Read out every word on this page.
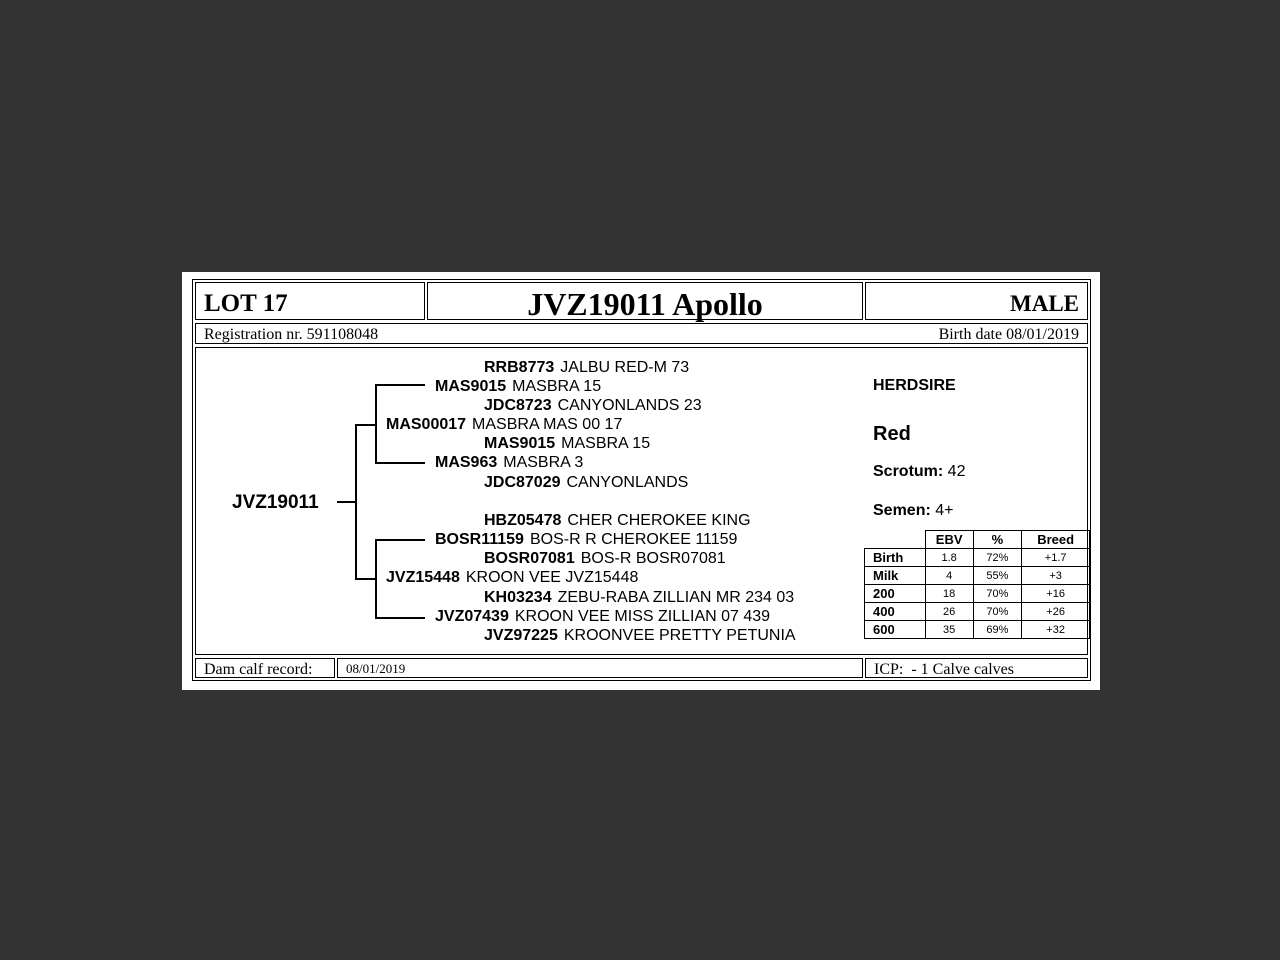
LOT 17	JVZ19011 Apollo	MALE
Registration nr. 591108048	Birth date 08/01/2019
JVZ19011
RRB8773 JALBU RED-M 73
MAS9015 MASBRA 15
JDC8723 CANYONLANDS 23
MAS00017 MASBRA MAS 00 17
MAS9015 MASBRA 15
MAS963 MASBRA 3
JDC87029 CANYONLANDS
HBZ05478 CHER CHEROKEE KING
BOSR11159 BOS-R R CHEROKEE 11159
BOSR07081 BOS-R BOSR07081
JVZ15448 KROON VEE JVZ15448
KH03234 ZEBU-RABA ZILLIAN MR 234 03
JVZ07439 KROON VEE MISS ZILLIAN 07 439
JVZ97225 KROONVEE PRETTY PETUNIA
HERDSIRE
Red
Scrotum: 42
Semen: 4+
	EBV	%	Breed
Birth	1.8	72%	+1.7
Milk	4	55%	+3
200	18	70%	+16
400	26	70%	+26
600	35	69%	+32
Dam calf record:	08/01/2019	ICP:  - 1 Calve calves
